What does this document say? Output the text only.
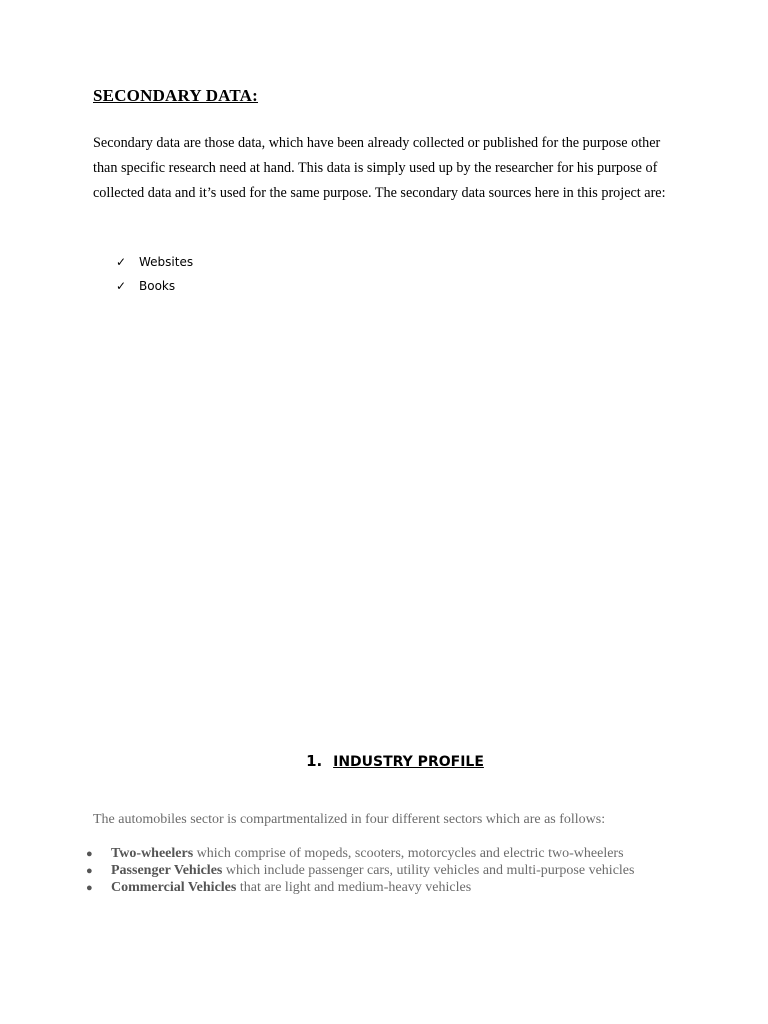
SECONDARY DATA:

Secondary data are those data, which have been already collected or published for the purpose other than specific research need at hand. This data is simply used up by the researcher for his purpose of collected data and it’s used for the same purpose. The secondary data sources here in this project are:

✓	Websites
✓	Books
1. INDUSTRY PROFILE

The automobiles sector is compartmentalized in four different sectors which are as follows:

● Two-wheelers which comprise of mopeds, scooters, motorcycles and electric two-wheelers
● Passenger Vehicles which include passenger cars, utility vehicles and multi-purpose vehicles
● Commercial Vehicles that are light and medium-heavy vehicles
